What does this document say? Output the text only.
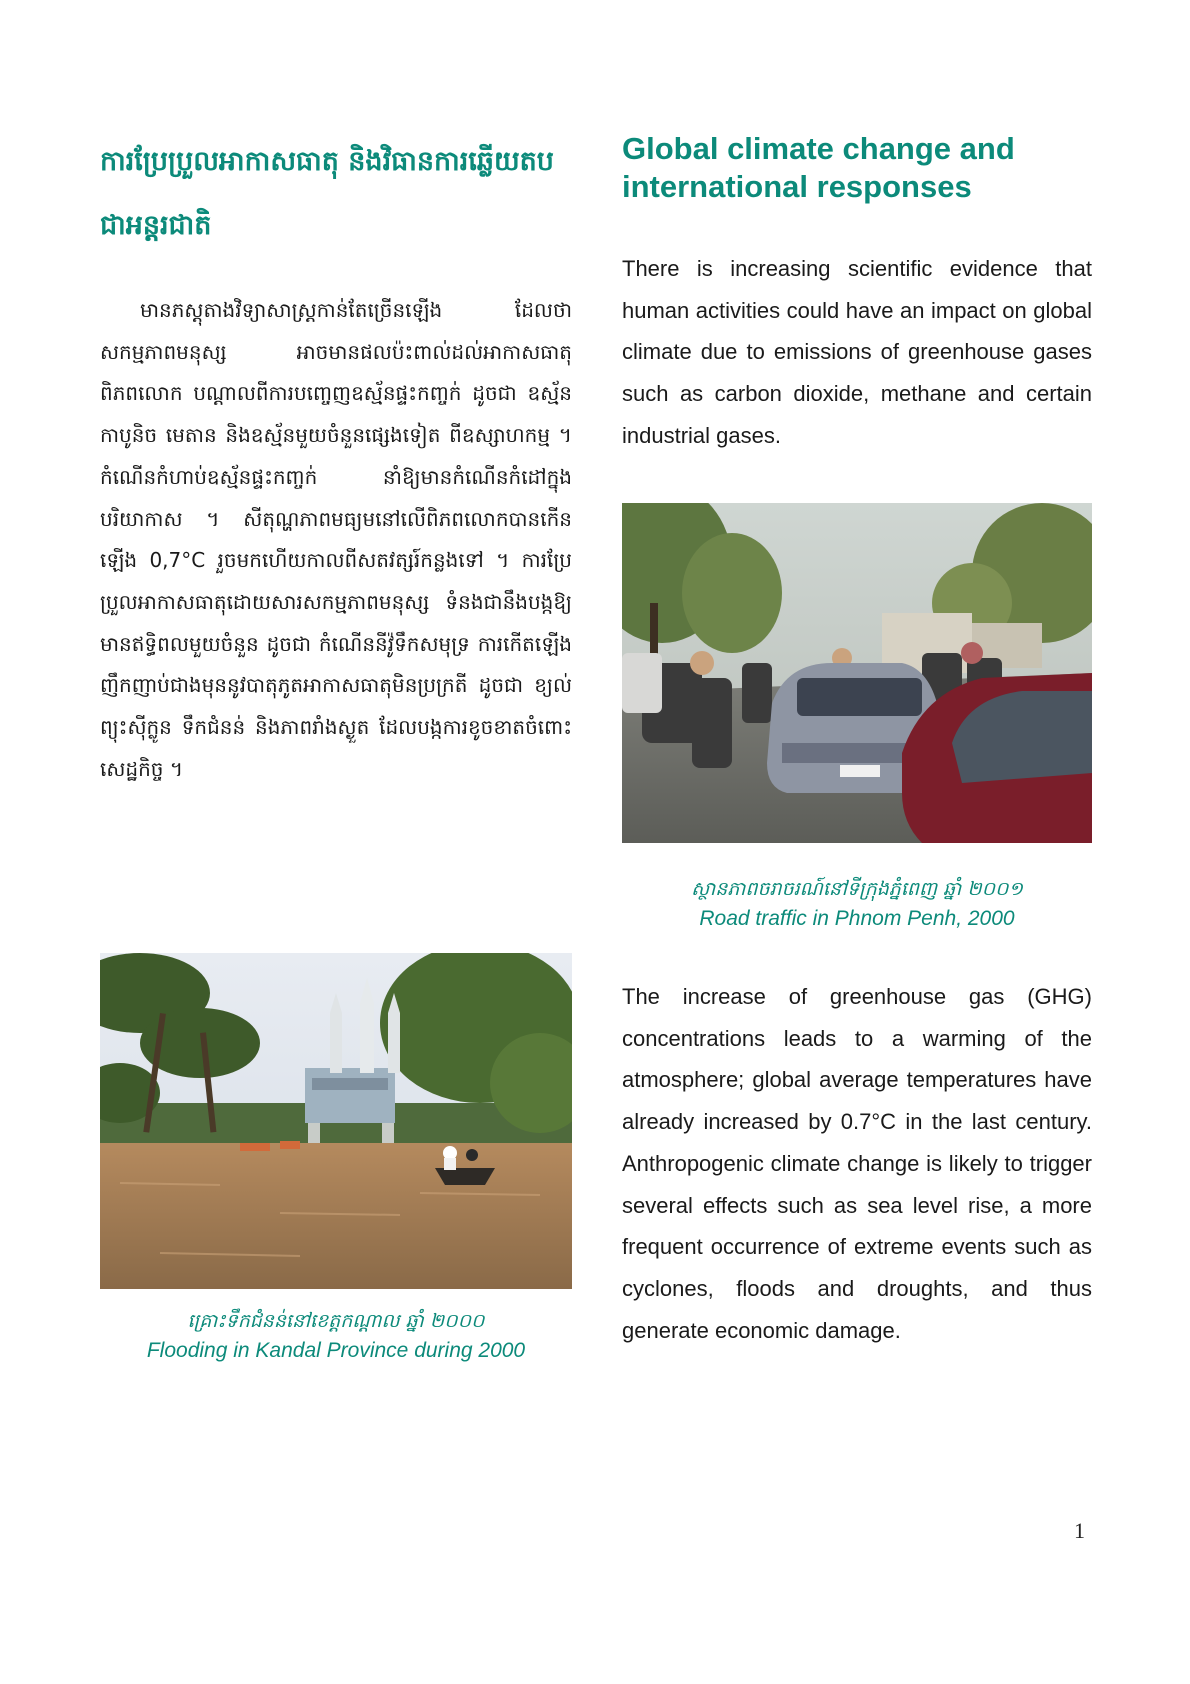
ការប្រែប្រួលអាកាសធាតុ និងវិធានការឆ្លើយតបជាអន្តរជាតិ

មានភស្តុតាងវិទ្យាសាស្ត្រកាន់តែច្រើនឡើង ដែលថាសកម្មភាពមនុស្ស អាចមានផលប៉ះពាល់ដល់អាកាសធាតុពិភពលោក បណ្តាលពីការបញ្ចេញឧស្ម័នផ្ទះកញ្ចក់ ដូចជា ឧស្ម័នកាបូនិច មេតាន និងឧស្ម័នមួយចំនួនផ្សេងទៀត ពីឧស្សាហកម្ម ។ កំណើនកំហាប់ឧស្ម័នផ្ទះកញ្ចក់ នាំឱ្យមានកំណើនកំដៅក្នុងបរិយាកាស ។ សីតុណ្ហភាពមធ្យមនៅលើពិភពលោកបានកើនឡើង 0,7°C រួចមកហើយកាលពីសតវត្សរ៍កន្លងទៅ ។ ការប្រែប្រួលអាកាសធាតុដោយសារសកម្មភាពមនុស្ស ទំនងជានឹងបង្កឱ្យមានឥទ្ធិពលមួយចំនួន ដូចជា កំណើននីវ៉ូទឹកសមុទ្រ ការកើតឡើងញឹកញាប់ជាងមុននូវបាតុភូតអាកាសធាតុមិនប្រក្រតី ដូចជា ខ្យល់ព្យុះស៊ីក្លូន ទឹកជំនន់ និងភាពរាំងស្ងួត ដែលបង្កការខូចខាតចំពោះសេដ្ឋកិច្ច ។

Global climate change and international responses

There is increasing scientific evidence that human activities could have an impact on global climate due to emissions of greenhouse gases such as carbon dioxide, methane and certain industrial gases.

The increase of greenhouse gas (GHG) concentrations leads to a warming of the atmosphere; global average temperatures have already increased by 0.7°C in the last century. Anthropogenic climate change is likely to trigger several effects such as sea level rise, a more frequent occurrence of extreme events such as cyclones, floods and droughts, and thus generate economic damage.

ស្ថានភាពចរាចរណ៍នៅទីក្រុងភ្នំពេញ ឆ្នាំ ២០០១
Road traffic in Phnom Penh, 2000
គ្រោះទឹកជំនន់នៅខេត្តកណ្តាល ឆ្នាំ ២០០០
Flooding in Kandal Province during 2000
1
